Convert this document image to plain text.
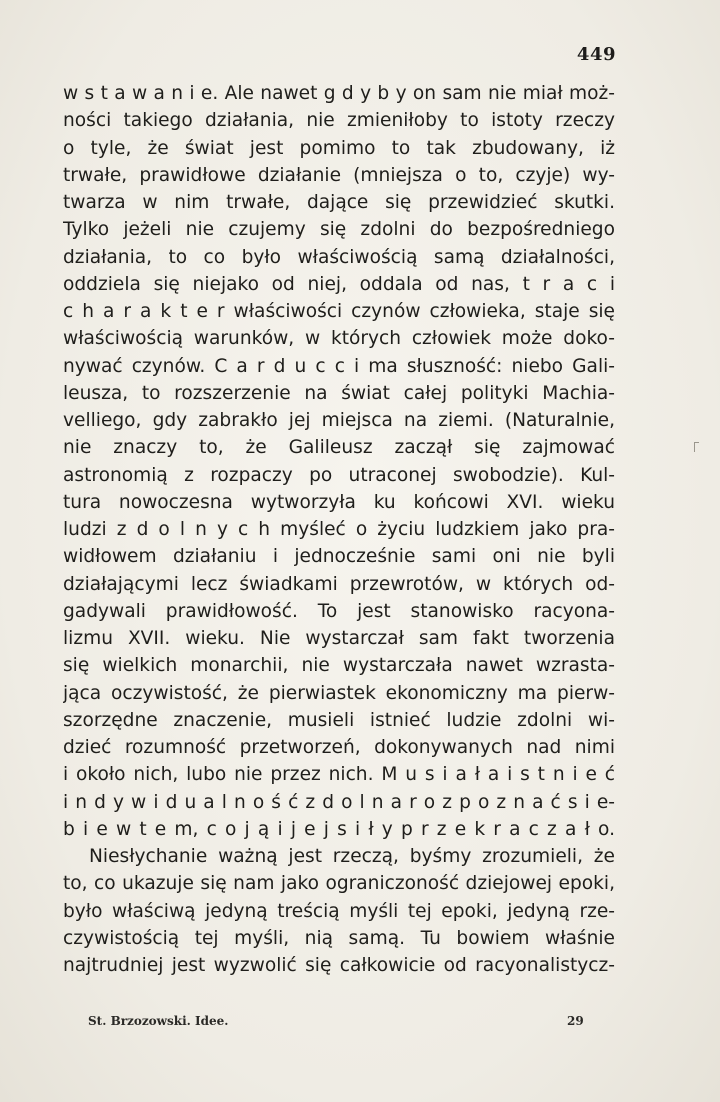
449
w s t a w a n i e. Ale nawet g d y b y on sam nie miał moż-
ności takiego działania, nie zmieniłoby to istoty rzeczy
o tyle, że świat jest pomimo to tak zbudowany, iż
trwałe, prawidłowe działanie (mniejsza o to, czyje) wy-
twarza w nim trwałe, dające się przewidzieć skutki.
Tylko jeżeli nie czujemy się zdolni do bezpośredniego
działania, to co było właściwością samą działalności,
oddziela się niejako od niej, oddala od nas, t r a c i
c h a r a k t e r właściwości czynów człowieka, staje się
właściwością warunków, w których człowiek może doko-
nywać czynów. C a r d u c c i ma słuszność: niebo Gali-
leusza, to rozszerzenie na świat całej polityki Machia-
velliego, gdy zabrakło jej miejsca na ziemi. (Naturalnie,
nie znaczy to, że Galileusz zaczął się zajmować
astronomią z rozpaczy po utraconej swobodzie). Kul-
tura nowoczesna wytworzyła ku końcowi XVI. wieku
ludzi z d o l n y c h myśleć o życiu ludzkiem jako pra-
widłowem działaniu i jednocześnie sami oni nie byli
działającymi lecz świadkami przewrotów, w których od-
gadywali prawidłowość. To jest stanowisko racyona-
lizmu XVII. wieku. Nie wystarczał sam fakt tworzenia
się wielkich monarchii, nie wystarczała nawet wzrasta-
jąca oczywistość, że pierwiastek ekonomiczny ma pierw-
szorzędne znaczenie, musieli istnieć ludzie zdolni wi-
dzieć rozumność przetworzeń, dokonywanych nad nimi
i około nich, lubo nie przez nich. M u s i a ł a i s t n i e ć
i n d y w i d u a l n o ś ć z d o l n a r o z p o z n a ć s i e-
b i e w t e m, c o j ą i j e j s i ł y p r z e k r a c z a ł o.
Niesłychanie ważną jest rzeczą, byśmy zrozumieli, że
to, co ukazuje się nam jako ograniczoność dziejowej epoki,
było właściwą jedyną treścią myśli tej epoki, jedyną rze-
czywistością tej myśli, nią samą. Tu bowiem właśnie
najtrudniej jest wyzwolić się całkowicie od racyonalistycz-
St. Brzozowski. Idee.	29
